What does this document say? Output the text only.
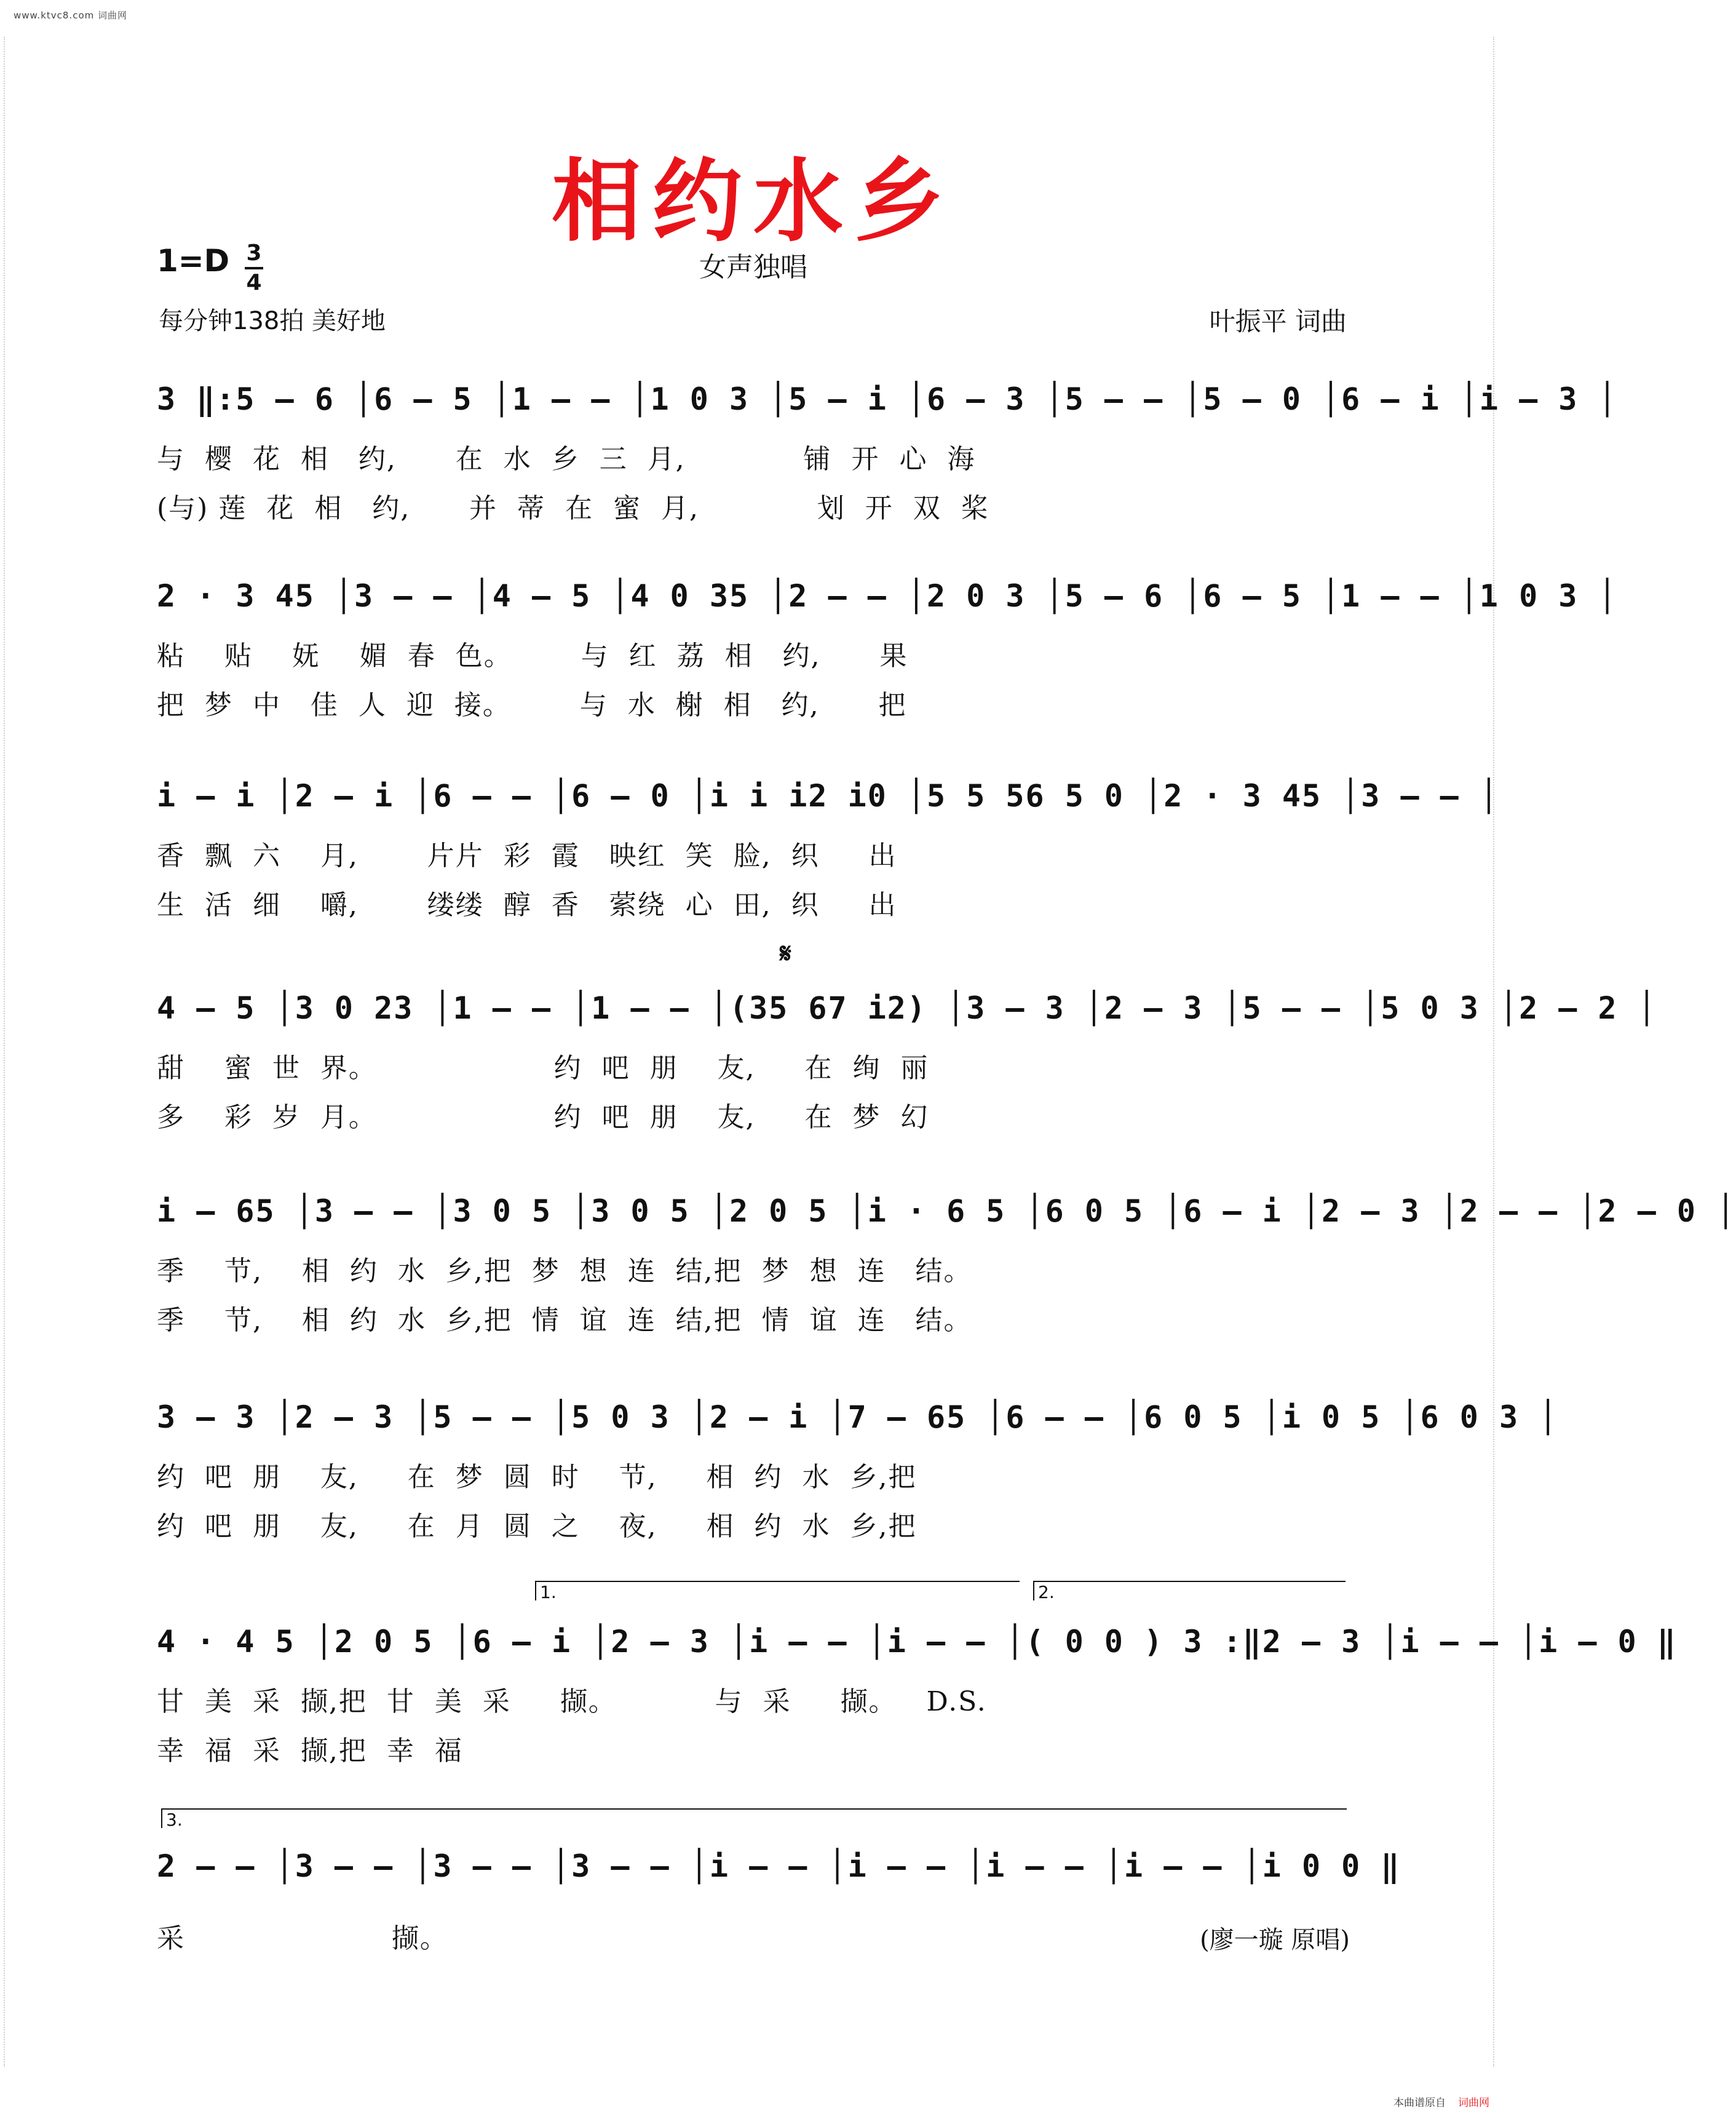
www.ktvc8.com 词曲网
相约水乡
1=D 3
4	女声独唱
每分钟138拍 美好地	叶振平 词曲
3 ‖:5 – 6 │6 – 5 │1 – – │1 0 3 │5 – i │6 – 3 │5 – – │5 – 0 │6 – i │i – 3 │
与  樱  花  相   约,      在  水  乡  三  月,            铺  开  心  海
(与) 莲  花  相   约,      并  蒂  在  蜜  月,            划  开  双  桨
2 · 3 45 │3 – – │4 – 5 │4 0 35 │2 – – │2 0 3 │5 – 6 │6 – 5 │1 – – │1 0 3 │
粘    贴    妩    媚  春  色。       与  红  荔  相   约,      果
把  梦  中   佳  人  迎  接。       与  水  榭  相   约,      把
i – i │2 – i │6 – – │6 – 0 │i i i2 i0 │5 5 56 5 0 │2 · 3 45 │3 – – │
香  飘  六    月,       片片  彩  霞   映红  笑  脸,  织     出
生  活  细    嚼,       缕缕  醇  香   萦绕  心  田,  织     出
𝄋
4 – 5 │3 0 23 │1 – – │1 – – │(35 67 i2) │3 – 3 │2 – 3 │5 – – │5 0 3 │2 – 2 │
甜    蜜  世  界。                  约  吧  朋    友,     在  绚  丽
多    彩  岁  月。                  约  吧  朋    友,     在  梦  幻
i – 65 │3 – – │3 0 5 │3 0 5 │2 0 5 │i · 6 5 │6 0 5 │6 – i │2 – 3 │2 – – │2 – 0 │
季    节,    相  约  水  乡,把  梦  想  连  结,把  梦  想  连   结。
季    节,    相  约  水  乡,把  情  谊  连  结,把  情  谊  连   结。
3 – 3 │2 – 3 │5 – – │5 0 3 │2 – i │7 – 65 │6 – – │6 0 5 │i 0 5 │6 0 3 │
约  吧  朋    友,     在  梦  圆  时    节,     相  约  水  乡,把
约  吧  朋    友,     在  月  圆  之    夜,     相  约  水  乡,把
1.	2.
4 · 4 5 │2 0 5 │6 – i │2 – 3 │i – – │i – – │( 0 0 ) 3 :‖2 – 3 │i – – │i – 0 ‖
甘  美  采  撷,把  甘  美  采     撷。          与  采     撷。   D.S.
幸  福  采  撷,把  幸  福
3.
2 – – │3 – – │3 – – │3 – – │i – – │i – – │i – – │i – – │i 0 0 ‖
采                     撷。	(廖一璇 原唱)
本曲谱原自 词曲网
